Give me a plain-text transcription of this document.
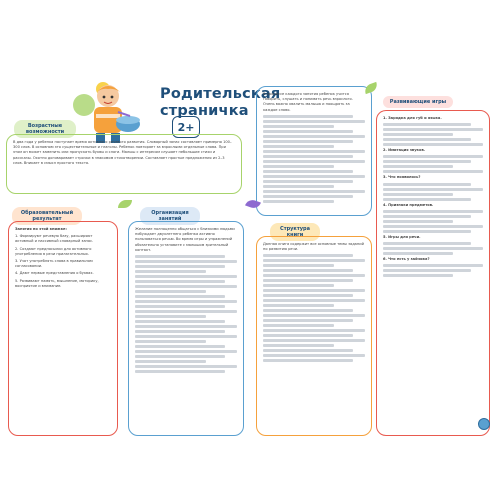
Родительская страничка
2+
Возрастные возможности

В два года у ребенка наступает время активного речевого развития. Словарный запас составляет примерно 100–300 слов. В основном это существительные и глаголы. Ребенок повторяет за взрослыми отдельные слова. При этом он может заменить или пропускать буквы и слоги. Малыш с интересом слушает небольшие стихи и рассказы. Охотно договаривает строчки в знакомом стихотворении. Составляет простые предложения из 2–3 слов. Вникает в смысл простого текста.

Образовательный результат

Занятия по этой книжке:

1. Формируют речевую базу, расширяют активный и пассивный словарный запас.

2. Создают предпосылки для активного употребления в речи прилагательных.

3. Учат употреблять слова в правильном согласовании.

4. Дают первые представления о буквах.

5. Развивают память, мышление, моторику, восприятие и внимание.

Организация занятий

Желание полноценно общаться с близкими людьми побуждает двухлетнего ребенка активно пользоваться речью. Во время игры и упражнений обязательно установите с малышом зрительный контакт.

В процессе каждого занятия ребенок учится говорить, слушать и понимать речь взрослого. Очень важно хвалить малыша и поощрять за каждое слово.

Структура книги

Данная книга содержит все основные темы заданий по развитию речи.

Развивающие игры

1. Зарядка для губ и языка.

2. Имитация звуков.

3. Что появилось?

4. Признаки предметов.

5. Игры для речи.

6. Что есть у зайчика?
